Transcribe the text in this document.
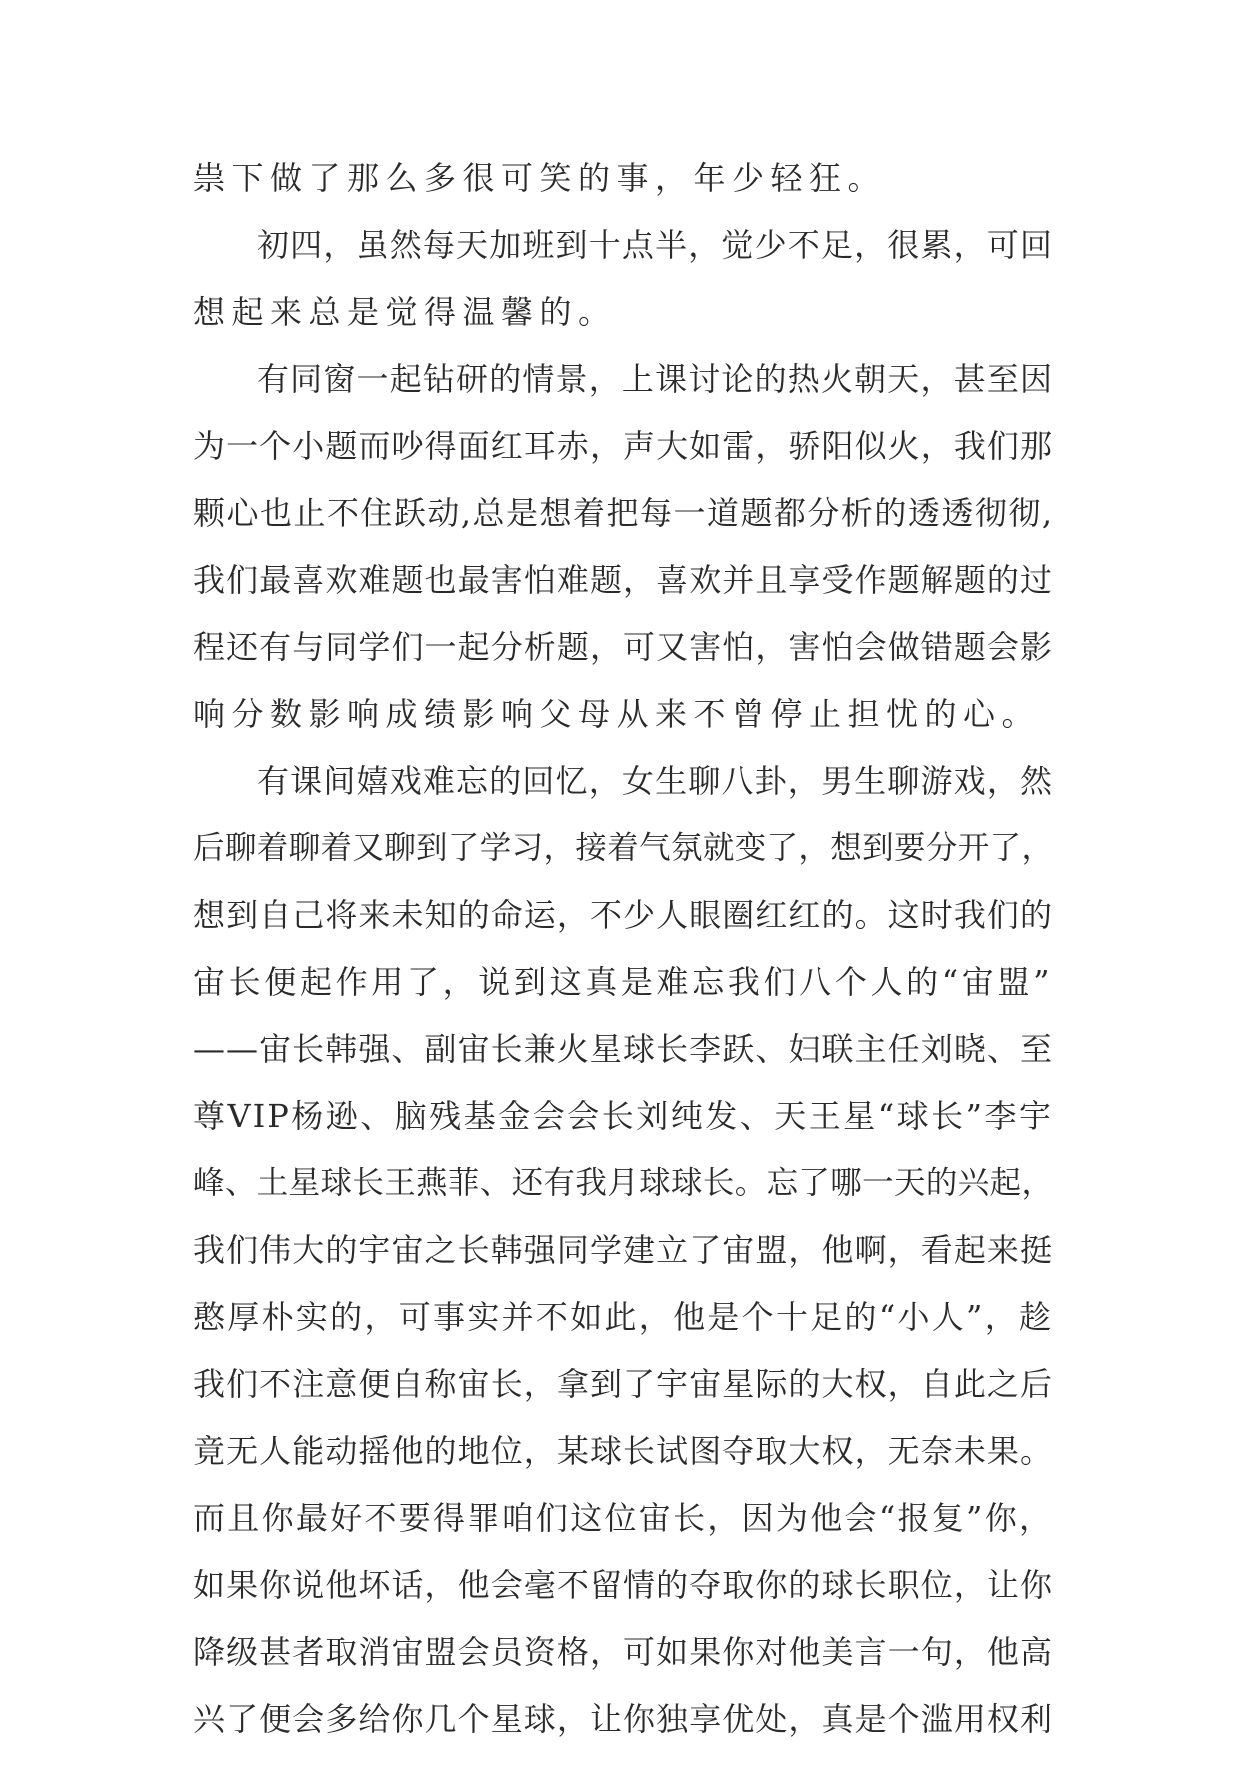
祟下做了那么多很可笑的事，年少轻狂。
初四，虽然每天加班到十点半，觉少不足，很累，可回
想起来总是觉得温馨的。
有同窗一起钻研的情景，上课讨论的热火朝天，甚至因
为一个小题而吵得面红耳赤，声大如雷，骄阳似火，我们那
颗心也止不住跃动,总是想着把每一道题都分析的透透彻彻,
我们最喜欢难题也最害怕难题，喜欢并且享受作题解题的过
程还有与同学们一起分析题，可又害怕，害怕会做错题会影
响分数影响成绩影响父母从来不曾停止担忧的心。
有课间嬉戏难忘的回忆，女生聊八卦，男生聊游戏，然
后聊着聊着又聊到了学习，接着气氛就变了，想到要分开了，
想到自己将来未知的命运，不少人眼圈红红的。这时我们的
宙长便起作用了，说到这真是难忘我们八个人的“宙盟”
——宙长韩强、副宙长兼火星球长李跃、妇联主任刘晓、至
尊VIP杨逊、脑残基金会会长刘纯发、天王星“球长”李宇
峰、土星球长王燕菲、还有我月球球长。忘了哪一天的兴起，
我们伟大的宇宙之长韩强同学建立了宙盟，他啊，看起来挺
憨厚朴实的，可事实并不如此，他是个十足的“小人”，趁
我们不注意便自称宙长，拿到了宇宙星际的大权，自此之后
竟无人能动摇他的地位，某球长试图夺取大权，无奈未果。
而且你最好不要得罪咱们这位宙长，因为他会“报复”你，
如果你说他坏话，他会毫不留情的夺取你的球长职位，让你
降级甚者取消宙盟会员资格，可如果你对他美言一句，他高
兴了便会多给你几个星球，让你独享优处，真是个滥用权利
